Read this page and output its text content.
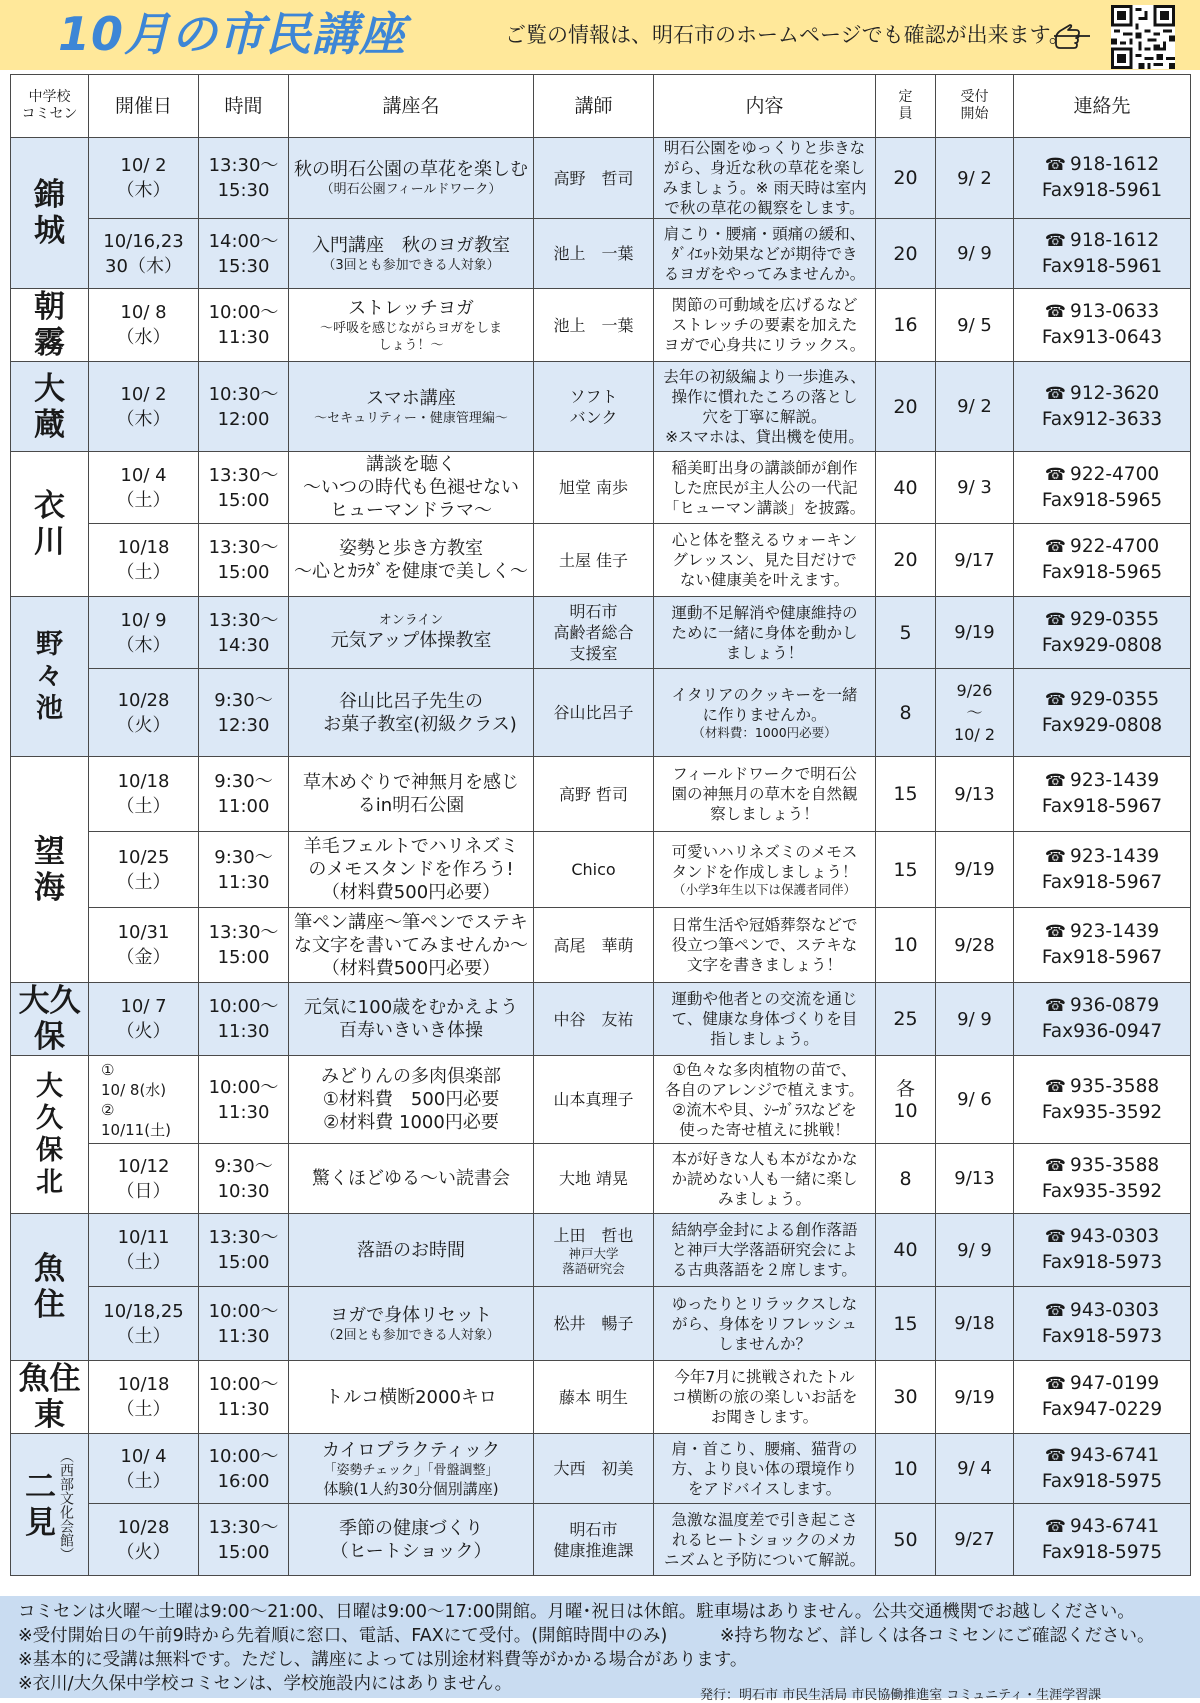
10月の市民講座	ご覧の情報は、明石市のホームページでも確認が出来ます。
中学校
コミセン	開催日	時間	講座名	講師	内容	定
員	受付
開始	連絡先

錦
城	10/ 2
（木）	13:30～
15:30	秋の明石公園の草花を楽しむ
（明石公園フィールドワーク）	高野　哲司	明石公園をゆっくりと歩きな
がら、身近な秋の草花を楽し
みましょう。※ 雨天時は室内
で秋の草花の観察をします。	20	9/ 2	☎ 918-1612
Fax918-5961

	10/16,23
30（木）	14:00～
15:30	入門講座　秋のヨガ教室
（3回とも参加できる人対象）	池上　一葉	肩こり・腰痛・頭痛の緩和、
ﾀﾞｲｴｯﾄ効果などが期待でき
るヨガをやってみませんか。	20	9/ 9	☎ 918-1612
Fax918-5961

朝
霧	10/ 8
（水）	10:00～
11:30	ストレッチヨガ
～呼吸を感じながらヨガをしま
しょう！～	池上　一葉	関節の可動域を広げるなど
ストレッチの要素を加えた
ヨガで心身共にリラックス。	16	9/ 5	☎ 913-0633
Fax913-0643

大
蔵	10/ 2
（木）	10:30～
12:00	スマホ講座
～セキュリティー・健康管理編～	ソフト
バンク	去年の初級編より一歩進み、
操作に慣れたころの落とし
穴を丁寧に解説。
※スマホは、貸出機を使用。	20	9/ 2	☎ 912-3620
Fax912-3633

衣
川	10/ 4
（土）	13:30～
15:00	講談を聴く
～いつの時代も色褪せない
ヒューマンドラマ～	旭堂 南歩	稲美町出身の講談師が創作
した庶民が主人公の一代記
「ヒューマン講談」を披露。	40	9/ 3	☎ 922-4700
Fax918-5965

	10/18
（土）	13:30～
15:00	姿勢と歩き方教室
～心とｶﾗﾀﾞを健康で美しく～	土屋 佳子	心と体を整えるウォーキン
グレッスン、見た目だけで
ない健康美を叶えます。	20	9/17	☎ 922-4700
Fax918-5965

野
々
池	10/ 9
（木）	13:30～
14:30	オンライン
元気アップ体操教室	明石市
高齢者総合
支援室	運動不足解消や健康維持の
ために一緒に身体を動かし
ましょう！	5	9/19	☎ 929-0355
Fax929-0808

	10/28
（火）	9:30～
12:30	谷山比呂子先生の
　お菓子教室(初級クラス)	谷山比呂子	イタリアのクッキーを一緒
に作りませんか。
（材料費：1000円必要）	8	9/26
～
10/ 2	☎ 929-0355
Fax929-0808

望
海	10/18
（土）	9:30～
11:00	草木めぐりで神無月を感じ
るin明石公園	高野 哲司	フィールドワークで明石公
園の神無月の草木を自然観
察しましょう！	15	9/13	☎ 923-1439
Fax918-5967

	10/25
（土）	9:30～
11:30	羊毛フェルトでハリネズミ
のメモスタンドを作ろう!
（材料費500円必要）	Chico	可愛いハリネズミのメモス
タンドを作成しましょう！
（小学3年生以下は保護者同伴）	15	9/19	☎ 923-1439
Fax918-5967

	10/31
（金）	13:30～
15:00	筆ペン講座～筆ペンでステキ
な文字を書いてみませんか～
（材料費500円必要）	高尾　華萌	日常生活や冠婚葬祭などで
役立つ筆ペンで、ステキな
文字を書きましょう！	10	9/28	☎ 923-1439
Fax918-5967

大久
保	10/ 7
（火）	10:00～
11:30	元気に100歳をむかえよう
百寿いきいき体操	中谷　友祐	運動や他者との交流を通じ
て、健康な身体づくりを目
指しましょう。	25	9/ 9	☎ 936-0879
Fax936-0947

大
久
保
北	①
10/ 8(水)
②
10/11(土)	10:00～
11:30	みどりんの多肉倶楽部
①材料費　500円必要
②材料費 1000円必要	山本真理子	①色々な多肉植物の苗で、
各自のアレンジで植えます。
②流木や貝、ｼｰｶﾞﾗｽなどを
使った寄せ植えに挑戦！	各
10	9/ 6	☎ 935-3588
Fax935-3592

	10/12
（日）	9:30～
10:30	驚くほどゆる～い読書会	大地 靖晃	本が好きな人も本がなかな
か読めない人も一緒に楽し
みましょう。	8	9/13	☎ 935-3588
Fax935-3592

魚
住	10/11
（土）	13:30～
15:00	落語のお時間	上田　哲也
神戸大学
落語研究会	結納亭金封による創作落語
と神戸大学落語研究会によ
る古典落語を２席します。	40	9/ 9	☎ 943-0303
Fax918-5973

	10/18,25
（土）	10:00～
11:30	ヨガで身体リセット
（2回とも参加できる人対象）	松井　暢子	ゆったりとリラックスしな
がら、身体をリフレッシュ
しませんか？	15	9/18	☎ 943-0303
Fax918-5973

魚住
東	10/18
（土）	10:00～
11:30	トルコ横断2000キロ	藤本 明生	今年7月に挑戦されたトル
コ横断の旅の楽しいお話を
お聞きします。	30	9/19	☎ 947-0199
Fax947-0229

二
見 （西部文化会館）	10/ 4
（土）	10:00～
16:00	カイロプラクティック
「姿勢チェック」「骨盤調整」
体験(1人約30分個別講座)	大西　初美	肩・首こり、腰痛、猫背の
方、より良い体の環境作り
をアドバイスします。	10	9/ 4	☎ 943-6741
Fax918-5975

	10/28
（火）	13:30～
15:00	季節の健康づくり
（ヒートショック）	明石市
健康推進課	急激な温度差で引き起こさ
れるヒートショックのメカ
ニズムと予防について解説。	50	9/27	☎ 943-6741
Fax918-5975

コミセンは火曜～土曜は9:00～21:00、日曜は9:00～17:00開館。月曜･祝日は休館。駐車場はありません。公共交通機関でお越しください。

※受付開始日の午前9時から先着順に窓口、電話、FAXにて受付。(開館時間中のみ)　　　※持ち物など、詳しくは各コミセンにご確認ください。

※基本的に受講は無料です。ただし、講座によっては別途材料費等がかかる場合があります。

※衣川/大久保中学校コミセンは、学校施設内にはありません。

発行：明石市 市民生活局 市民協働推進室 コミュニティ・生涯学習課
